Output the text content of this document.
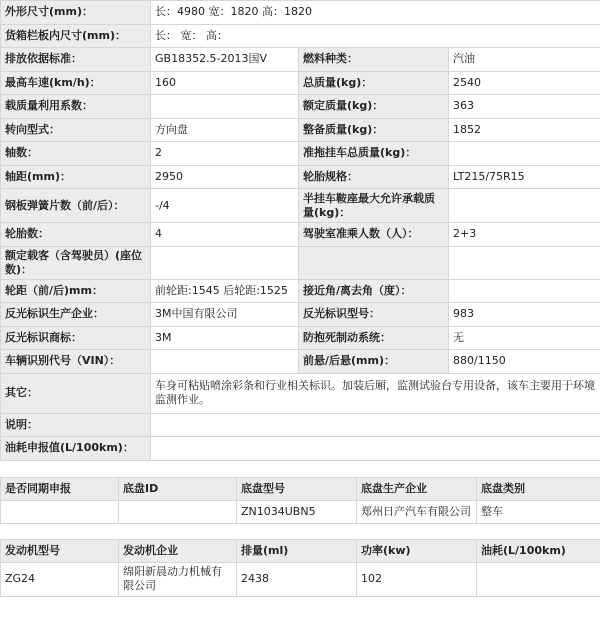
外形尺寸(mm)：	长：4980 宽：1820 高：1820		
货箱栏板内尺寸(mm)：	长： 宽： 高：		
排放依据标准：	GB18352.5-2013国Ⅴ	燃料种类：	汽油
最高车速(km/h)：	160	总质量(kg)：	2540
载质量利用系数：		额定质量(kg)：	363
转向型式：	方向盘	整备质量(kg)：	1852
轴数：	2	准拖挂车总质量(kg)：	
轴距(mm)：	2950	轮胎规格：	LT215/75R15
钢板弹簧片数（前/后）：	-/4	半挂车鞍座最大允许承载质量(kg)：	
轮胎数：	4	驾驶室准乘人数（人）：	2+3
额定载客（含驾驶员）(座位数)：			
轮距（前/后)mm：	前轮距:1545 后轮距:1525	接近角/离去角（度）：	
反光标识生产企业：	3M中国有限公司	反光标识型号：	983
反光标识商标：	3M	防抱死制动系统：	无
车辆识别代号（VIN）：		前悬/后悬(mm)：	880/1150
其它：	车身可粘贴喷涂彩条和行业相关标识。加装后厢，监测试验台专用设备，该车主要用于环境监测作业。		
说明：			
油耗申报值(L/100km)：			
是否同期申报	底盘ID	底盘型号	底盘生产企业	底盘类别
		ZN1034UBN5	郑州日产汽车有限公司	整车
发动机型号	发动机企业	排量(ml)	功率(kw)	油耗(L/100km)
ZG24	绵阳新晨动力机械有限公司	2438	102	
